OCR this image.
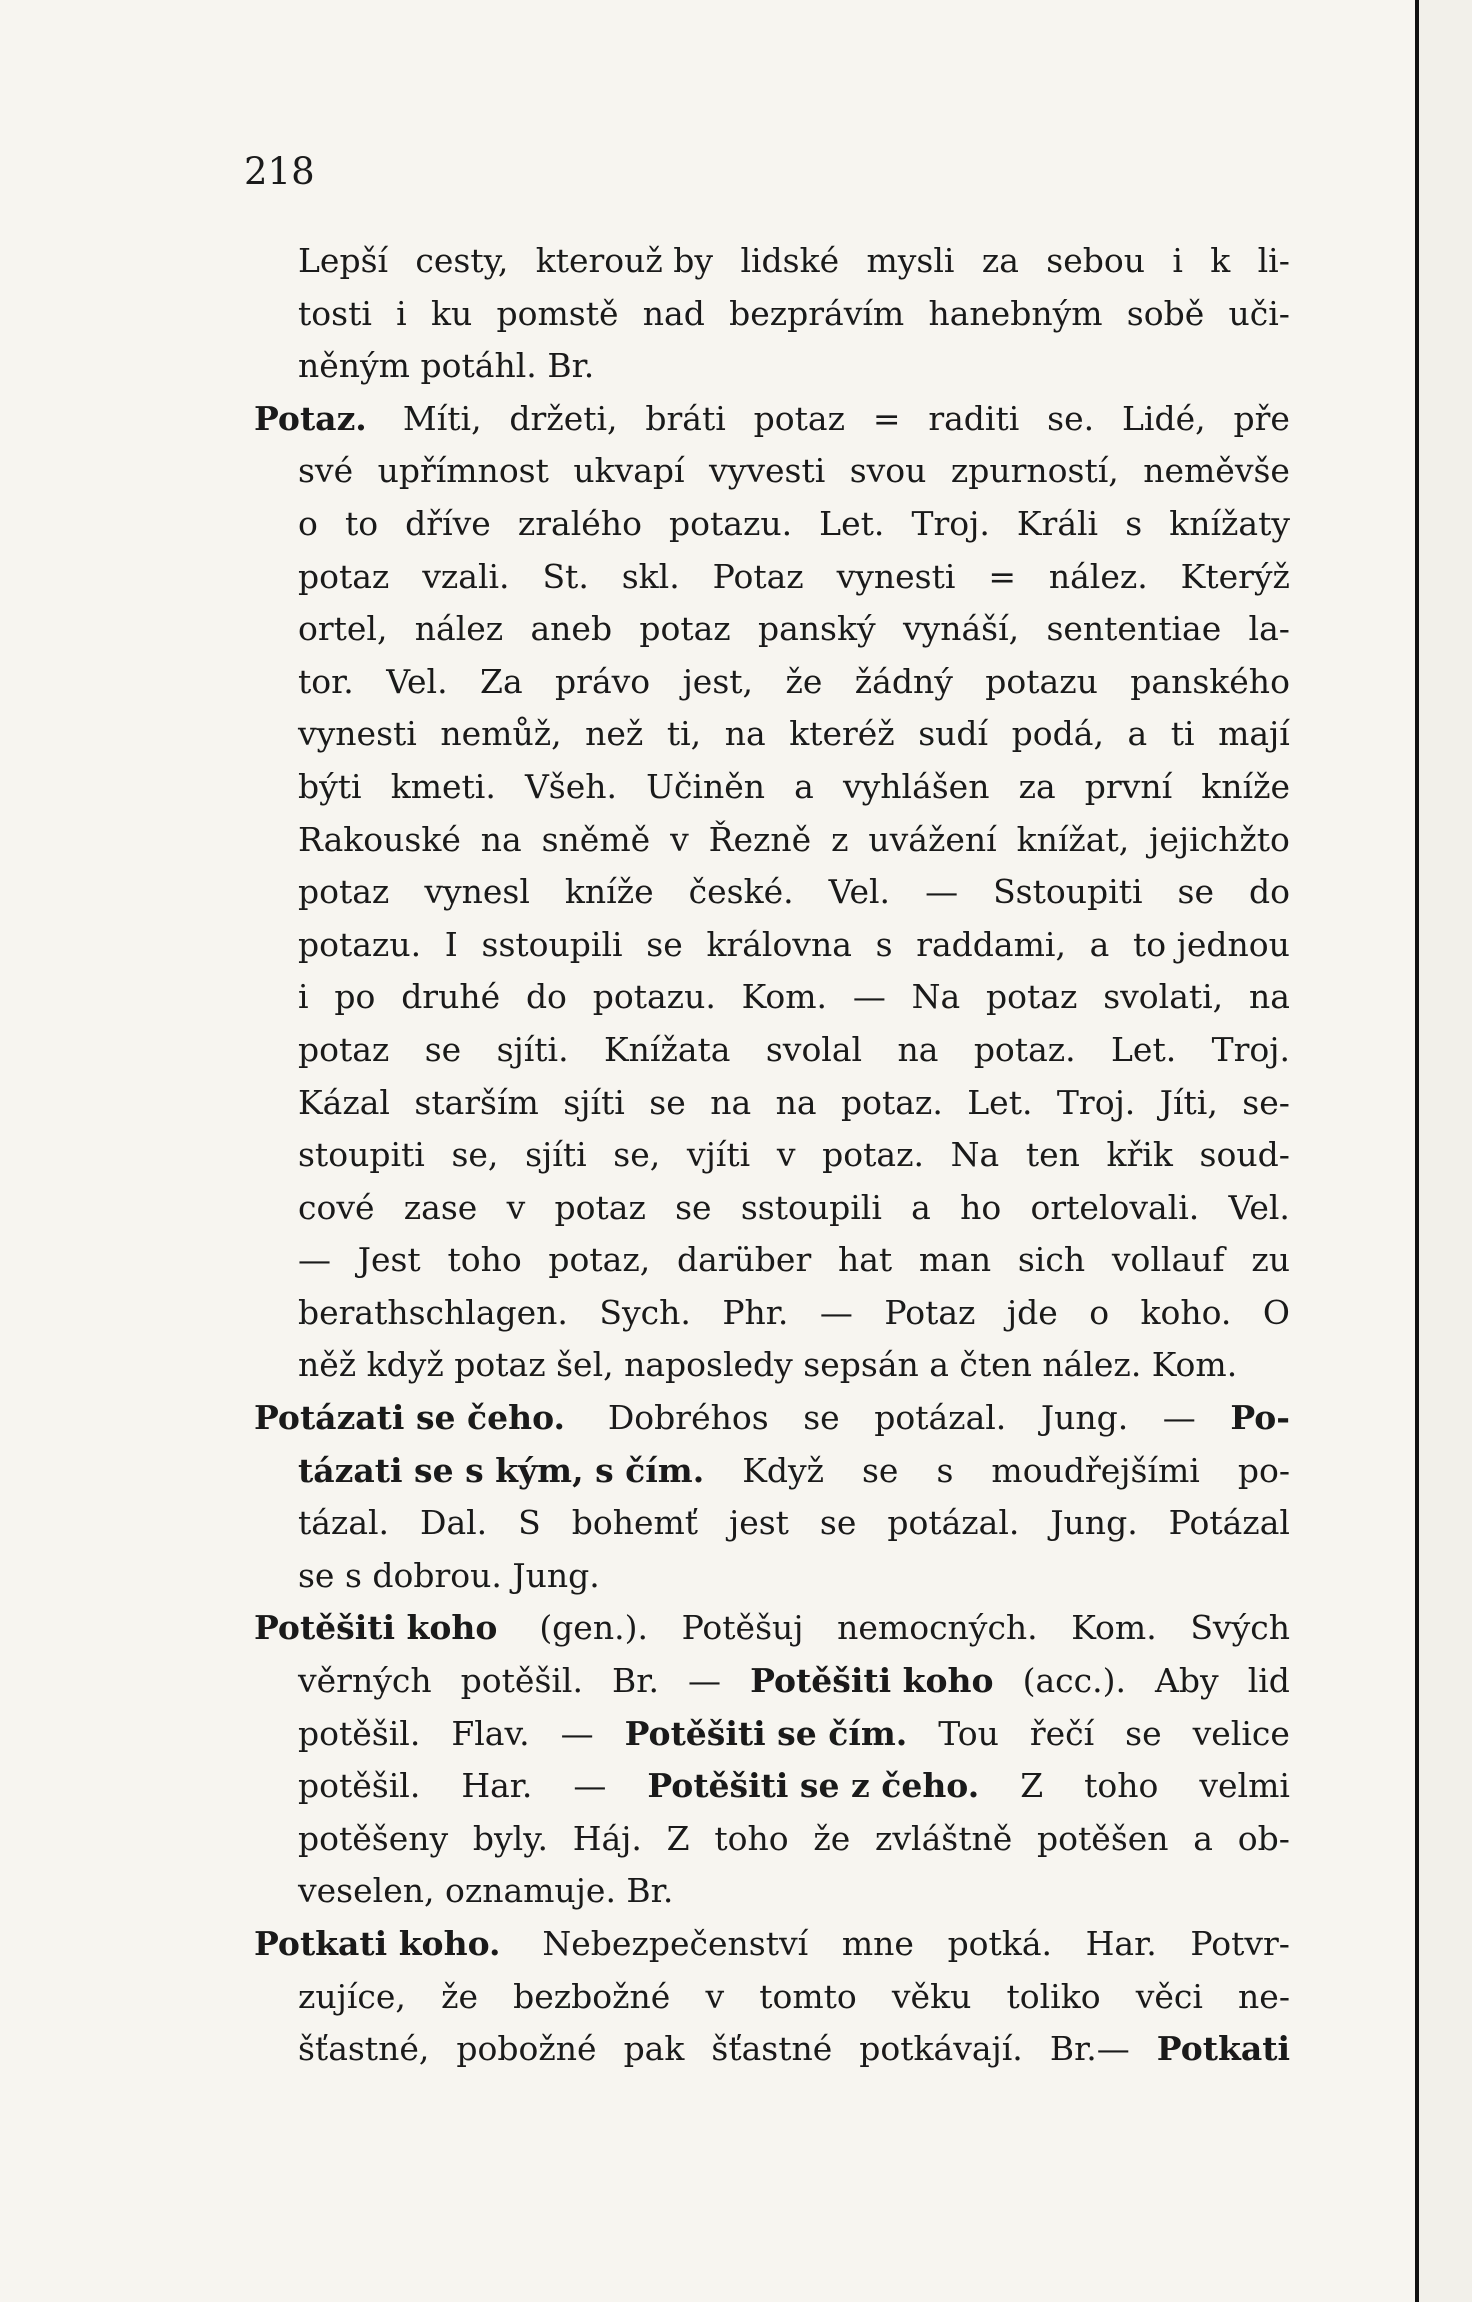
218
Lepší cesty, kterouž by lidské mysli za sebou i k li-
tosti i ku pomstě nad bezprávím hanebným sobě uči-
něným potáhl. Br.
Potaz. Míti, držeti, bráti potaz = raditi se. Lidé, pře
své upřímnost ukvapí vyvesti svou zpurností, neměvše
o to dříve zralého potazu. Let. Troj. Králi s knížaty
potaz vzali. St. skl. Potaz vynesti = nález. Kterýž
ortel, nález aneb potaz panský vynáší, sententiae la-
tor. Vel. Za právo jest, že žádný potazu panského
vynesti nemůž, než ti, na kteréž sudí podá, a ti mají
býti kmeti. Všeh. Učiněn a vyhlášen za první kníže
Rakouské na sněmě v Řezně z uvážení knížat, jejichžto
potaz vynesl kníže české. Vel. — Sstoupiti se do
potazu. I sstoupili se královna s raddami, a to jednou
i po druhé do potazu. Kom. — Na potaz svolati, na
potaz se sjíti. Knížata svolal na potaz. Let. Troj.
Kázal starším sjíti se na na potaz. Let. Troj. Jíti, se-
stoupiti se, sjíti se, vjíti v potaz. Na ten křik soud-
cové zase v potaz se sstoupili a ho ortelovali. Vel.
— Jest toho potaz, darüber hat man sich vollauf zu
berathschlagen. Sych. Phr. — Potaz jde o koho. O
něž když potaz šel, naposledy sepsán a čten nález. Kom.
Potázati se čeho. Dobréhos se potázal. Jung. — Po-
tázati se s kým, s čím. Když se s moudřejšími po-
tázal. Dal. S bohemť jest se potázal. Jung. Potázal
se s dobrou. Jung.
Potěšiti koho (gen.). Potěšuj nemocných. Kom. Svých
věrných potěšil. Br. — Potěšiti koho (acc.). Aby lid
potěšil. Flav. — Potěšiti se čím. Tou řečí se velice
potěšil. Har. — Potěšiti se z čeho. Z toho velmi
potěšeny byly. Háj. Z toho že zvláštně potěšen a ob-
veselen, oznamuje. Br.
Potkati koho. Nebezpečenství mne potká. Har. Potvr-
zujíce, že bezbožné v tomto věku toliko věci ne-
šťastné, pobožné pak šťastné potkávají. Br.— Potkati
